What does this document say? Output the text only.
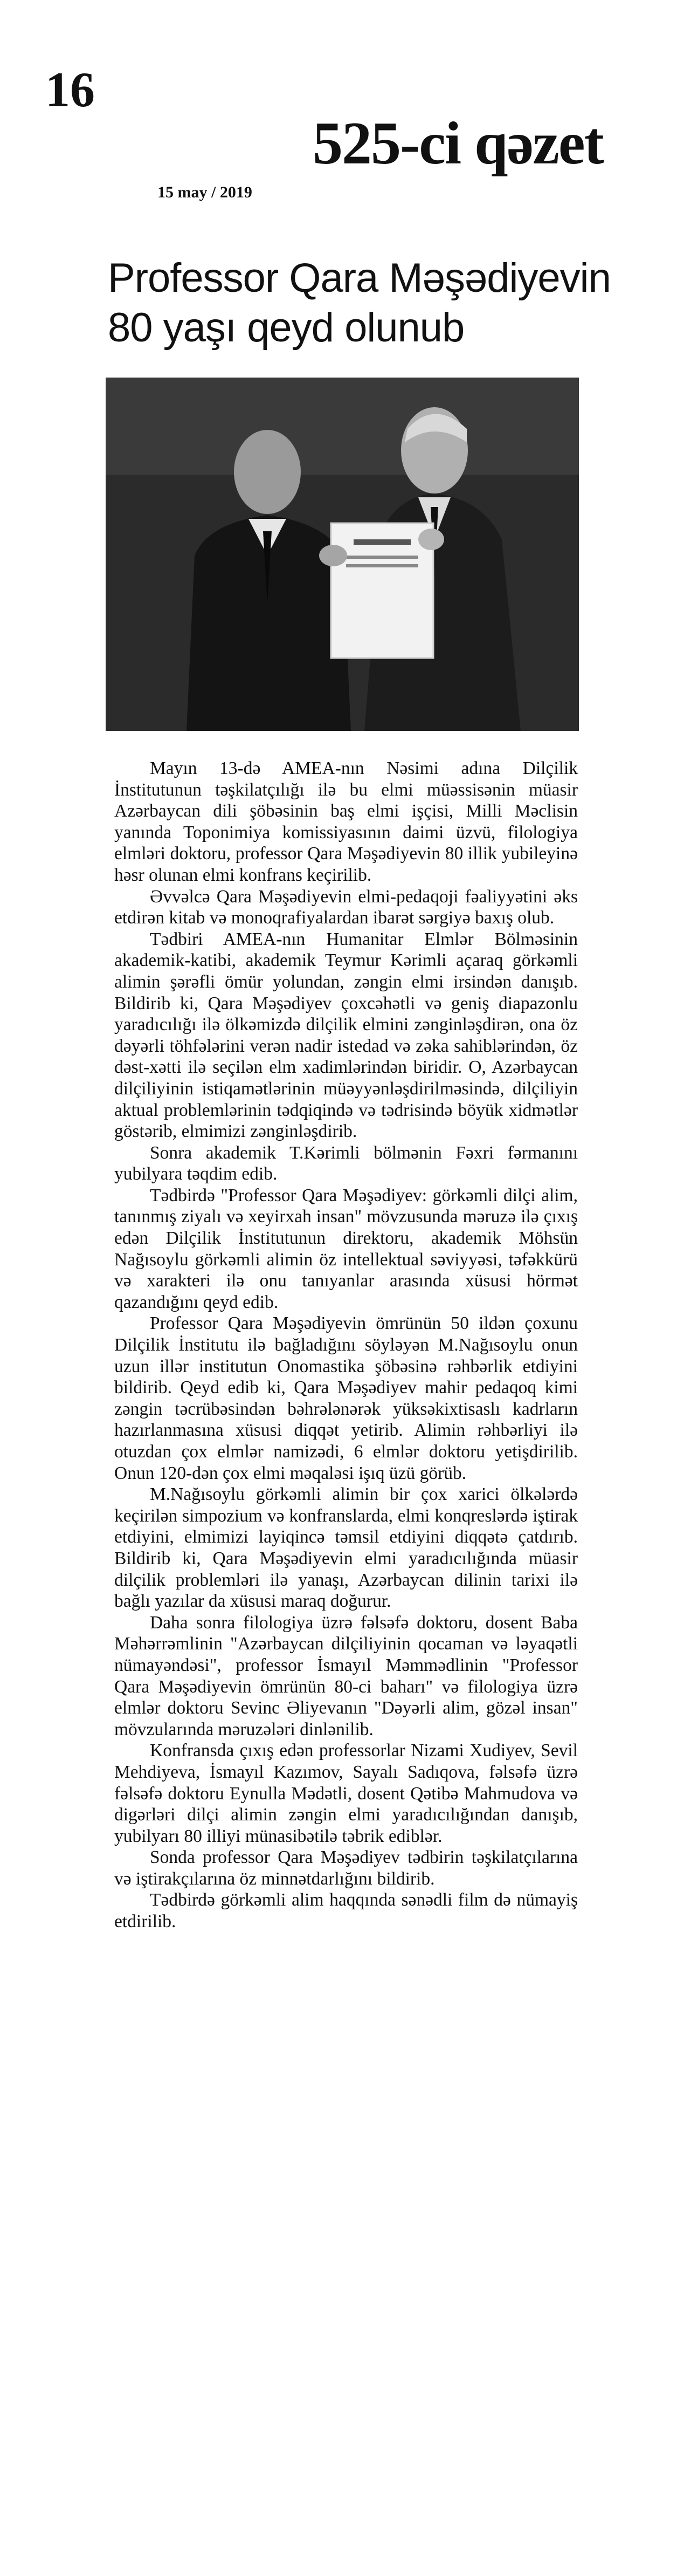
16
525-ci qəzet
15 may / 2019
Professor Qara Məşədiyevin
80 yaşı qeyd olunub

Mayın 13-də AMEA-nın Nəsimi adına Dilçilik İnstitutunun təşkilatçılığı ilə bu elmi müəssisənin müasir Azərbaycan dili şöbəsinin baş elmi işçisi, Milli Məclisin yanında Toponimiya komissiyasının daimi üzvü, filologiya elmləri doktoru, professor Qara Məşədiyevin 80 illik yubileyinə həsr olunan elmi konfrans keçirilib.

Əvvəlcə Qara Məşədiyevin elmi-pedaqoji fəaliyyətini əks etdirən kitab və monoqrafiyalardan ibarət sərgiyə baxış olub.

Tədbiri AMEA-nın Humanitar Elmlər Bölməsinin akademik-katibi, akademik Teymur Kərimli açaraq görkəmli alimin şərəfli ömür yolundan, zəngin elmi irsindən danışıb. Bildirib ki, Qara Məşədiyev çoxcəhətli və geniş diapazonlu yaradıcılığı ilə ölkəmizdə dilçilik elmini zənginləşdirən, ona öz dəyərli töhfələrini verən nadir istedad və zəka sahiblərindən, öz dəst-xətti ilə seçilən elm xadimlərindən biridir. O, Azərbaycan dilçiliyinin istiqamətlərinin müəyyənləşdirilməsində, dilçiliyin aktual problemlərinin tədqiqində və tədrisində böyük xidmətlər göstərib, elmimizi zənginləşdirib.

Sonra akademik T.Kərimli bölmənin Fəxri fərmanını yubilyara təqdim edib.

Tədbirdə "Professor Qara Məşədiyev: görkəmli dilçi alim, tanınmış ziyalı və xeyirxah insan" mövzusunda məruzə ilə çıxış edən Dilçilik İnstitutunun direktoru, akademik Möhsün Nağısoylu görkəmli alimin öz intellektual səviyyəsi, təfəkkürü və xarakteri ilə onu tanıyanlar arasında xüsusi hörmət qazandığını qeyd edib.

Professor Qara Məşədiyevin ömrünün 50 ildən çoxunu Dilçilik İnstitutu ilə bağladığını söyləyən M.Nağısoylu onun uzun illər institutun Onomastika şöbəsinə rəhbərlik etdiyini bildirib. Qeyd edib ki, Qara Məşədiyev mahir pedaqoq kimi zəngin təcrübəsindən bəhrələnərək yüksəkixtisaslı kadrların hazırlanmasına xüsusi diqqət yetirib. Alimin rəhbərliyi ilə otuzdan çox elmlər namizədi, 6 elmlər doktoru yetişdirilib. Onun 120-dən çox elmi məqaləsi işıq üzü görüb.

M.Nağısoylu görkəmli alimin bir çox xarici ölkələrdə keçirilən simpozium və konfranslarda, elmi konqreslərdə iştirak etdiyini, elmimizi layiqincə təmsil etdiyini diqqətə çatdırıb. Bildirib ki, Qara Məşədiyevin elmi yaradıcılığında müasir dilçilik problemləri ilə yanaşı, Azərbaycan dilinin tarixi ilə bağlı yazılar da xüsusi maraq doğurur.

Daha sonra filologiya üzrə fəlsəfə doktoru, dosent Baba Məhərrəmlinin "Azərbaycan dilçiliyinin qocaman və ləyaqətli nümayəndəsi", professor İsmayıl Məmmədlinin "Professor Qara Məşədiyevin ömrünün 80-ci baharı" və filologiya üzrə elmlər doktoru Sevinc Əliyevanın "Dəyərli alim, gözəl insan" mövzularında məruzələri dinlənilib.

Konfransda çıxış edən professorlar Nizami Xudiyev, Sevil Mehdiyeva, İsmayıl Kazımov, Sayalı Sadıqova, fəlsəfə üzrə fəlsəfə doktoru Eynulla Mədətli, dosent Qətibə Mahmudova və digərləri dilçi alimin zəngin elmi yaradıcılığından danışıb, yubilyarı 80 illiyi münasibətilə təbrik ediblər.

Sonda professor Qara Məşədiyev tədbirin təşkilatçılarına və iştirakçılarına öz minnətdarlığını bildirib.

Tədbirdə görkəmli alim haqqında sənədli film də nümayiş etdirilib.
